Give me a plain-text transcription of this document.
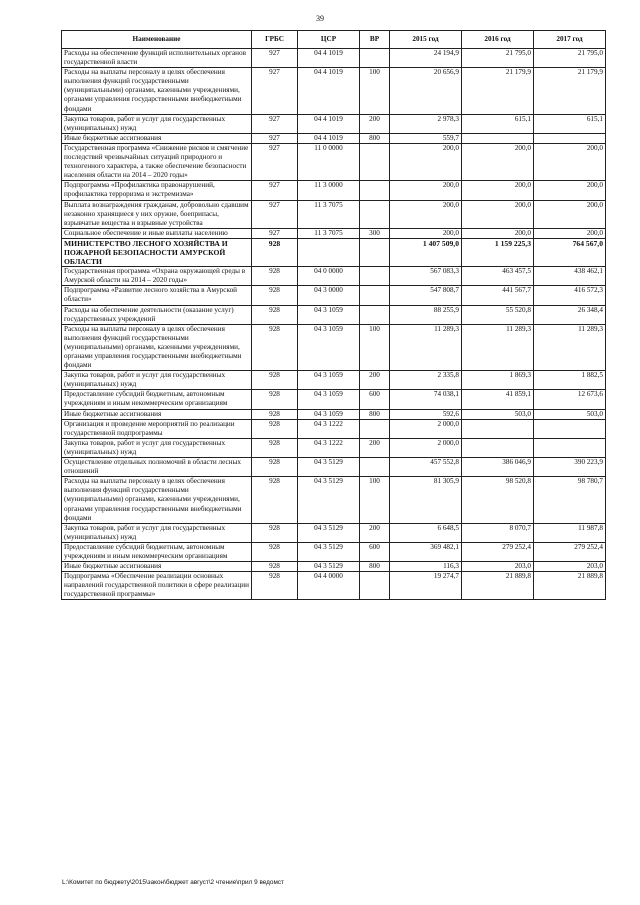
39
Наименование	ГРБС	ЦСР	ВР	2015 год	2016 год	2017 год
Расходы на обеспечение функций исполнительных органов государственной власти	927	04 4 1019		24 194,9	21 795,0	21 795,0
Расходы на выплаты персоналу в целях обеспечения выполнения функций государственными (муниципальными) органами, казенными учреждениями, органами управления государственными внебюджетными фондами	927	04 4 1019	100	20 656,9	21 179,9	21 179,9
Закупка товаров, работ и услуг для государственных (муниципальных) нужд	927	04 4 1019	200	2 978,3	615,1	615,1
Иные бюджетные ассигнования	927	04 4 1019	800	559,7		
Государственная программа «Снижение рисков и смягчение последствий чрезвычайных ситуаций природного и техногенного характера, а также обеспечение безопасности населения области на 2014 – 2020 годы»	927	11 0 0000		200,0	200,0	200,0
Подпрограмма «Профилактика правонарушений, профилактика терроризма и экстремизма»	927	11 3 0000		200,0	200,0	200,0
Выплата вознаграждения гражданам, добровольно сдавшим незаконно хранящиеся у них оружие, боеприпасы, взрывчатые вещества и взрывные устройства	927	11 3 7075		200,0	200,0	200,0
Социальное обеспечение и иные выплаты населению	927	11 3 7075	300	200,0	200,0	200,0
МИНИСТЕРСТВО ЛЕСНОГО ХОЗЯЙСТВА И ПОЖАРНОЙ БЕЗОПАСНОСТИ АМУРСКОЙ ОБЛАСТИ	928			1 407 509,0	1 159 225,3	764 567,0
Государственная программа «Охрана окружающей среды в Амурской области на 2014 – 2020 годы»	928	04 0 0000		567 083,3	463 457,5	438 462,1
Подпрограмма «Развитие лесного хозяйства в Амурской области»	928	04 3 0000		547 808,7	441 567,7	416 572,3
Расходы на обеспечение деятельности (оказание услуг) государственных учреждений	928	04 3 1059		88 255,9	55 520,8	26 348,4
Расходы на выплаты персоналу в целях обеспечения выполнения функций государственными (муниципальными) органами, казенными учреждениями, органами управления государственными внебюджетными фондами	928	04 3 1059	100	11 289,3	11 289,3	11 289,3
Закупка товаров, работ и услуг для государственных (муниципальных) нужд	928	04 3 1059	200	2 335,8	1 869,3	1 882,5
Предоставление субсидий бюджетным, автономным учреждениям и иным некоммерческим организациям	928	04 3 1059	600	74 038,1	41 859,1	12 673,6
Иные бюджетные ассигнования	928	04 3 1059	800	592,6	503,0	503,0
Организация и проведение мероприятий по реализации государственной подпрограммы	928	04 3 1222		2 000,0		
Закупка товаров, работ и услуг для государственных (муниципальных) нужд	928	04 3 1222	200	2 000,0		
Осуществление отдельных полномочий в области лесных отношений	928	04 3 5129		457 552,8	386 046,9	390 223,9
Расходы на выплаты персоналу в целях обеспечения выполнения функций государственными (муниципальными) органами, казенными учреждениями, органами управления государственными внебюджетными фондами	928	04 3 5129	100	81 305,9	98 520,8	98 780,7
Закупка товаров, работ и услуг для государственных (муниципальных) нужд	928	04 3 5129	200	6 648,5	8 070,7	11 987,8
Предоставление субсидий бюджетным, автономным учреждениям и иным некоммерческим организациям	928	04 3 5129	600	369 482,1	279 252,4	279 252,4
Иные бюджетные ассигнования	928	04 3 5129	800	116,3	203,0	203,0
Подпрограмма «Обеспечение реализации основных направлений государственной политики в сфере реализации государственной программы»	928	04 4 0000		19 274,7	21 889,8	21 889,8
L:\Комитет по бюджету\2015\закон\бюджет август\2 чтение\прил 9 ведомст
